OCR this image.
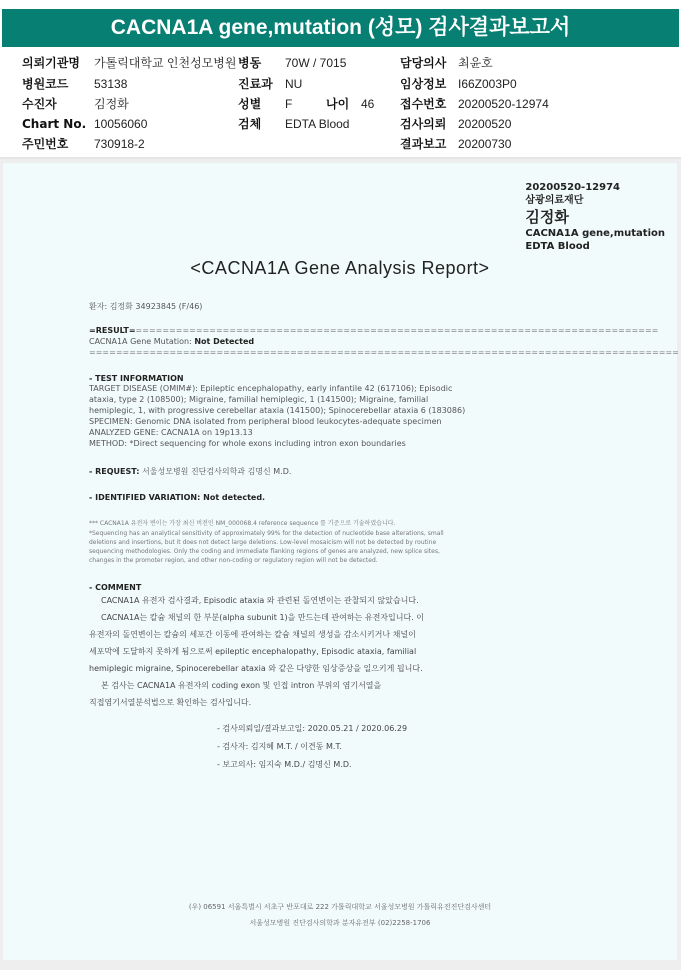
CACNA1A gene,mutation (성모) 검사결과보고서
의뢰기관명 가톨릭대학교 인천성모병원 병동 70W / 7015	담당의사 최윤호
병원코드 53138	진료과 NU	임상정보 I66Z003P0
수진자	김정화	성별 F	나이 46 접수번호 20200520-12974
Chart No. 10056060	검체 EDTA Blood	검사의뢰 20200520
주민번호 730918-2	결과보고 20200730
20200520-12974
삼광의료재단
김정화
CACNA1A gene,mutation
EDTA Blood
<CACNA1A Gene Analysis Report>
환자: 김정화 34923845 (F/46)
=RESULT===============================================================================
CACNA1A Gene Mutation: Not Detected
========================================================================================
- TEST INFORMATION
TARGET DISEASE (OMIM#): Epileptic encephalopathy, early infantile 42 (617106); Episodic
ataxia, type 2 (108500); Migraine, familial hemiplegic, 1 (141500); Migraine, familial
hemiplegic, 1, with progressive cerebellar ataxia (141500); Spinocerebellar ataxia 6 (183086)
SPECIMEN: Genomic DNA isolated from peripheral blood leukocytes-adequate specimen
ANALYZED GENE: CACNA1A on 19p13.13
METHOD: *Direct sequencing for whole exons including intron exon boundaries
- REQUEST: 서울성모병원 진단검사의학과 김명신 M.D.
- IDENTIFIED VARIATION: Not detected.
*** CACNA1A 유전자 변이는 가장 최신 버전인 NM_000068.4 reference sequence 를 기준으로 기술하였습니다.
*Sequencing has an analytical sensitivity of approximately 99% for the detection of nucleotide base alterations, small
deletions and insertions, but it does not detect large deletions. Low-level mosaicism will not be detected by routine
sequencing methodologies. Only the coding and immediate flanking regions of genes are analyzed, new splice sites,
changes in the promoter region, and other non-coding or regulatory region will not be detected.
- COMMENT
CACNA1A 유전자 검사결과, Episodic ataxia 와 관련된 돌연변이는 관찰되지 않았습니다.
CACNA1A는 칼슘 채널의 한 부분(alpha subunit 1)을 만드는데 관여하는 유전자입니다. 이
유전자의 돌연변이는 칼슘의 세포간 이동에 관여하는 칼슘 채널의 생성을 감소시키거나 채널이
세포막에 도달하지 못하게 됨으로써 epileptic encephalopathy, Episodic ataxia, familial
hemiplegic migraine, Spinocerebellar ataxia 와 같은 다양한 임상증상을 일으키게 됩니다.
본 검사는 CACNA1A 유전자의 coding exon 및 인접 intron 부위의 염기서열을
직접염기서열분석법으로 확인하는 검사입니다.
- 검사의뢰일/결과보고일: 2020.05.21 / 2020.06.29
- 검사자: 김지혜 M.T. / 이견동 M.T.
- 보고의사: 임지숙 M.D./ 김명신 M.D.
(우) 06591 서울특별시 서초구 반포대로 222 가톨릭대학교 서울성모병원 가톨릭유전진단검사센터
서울성모병원 진단검사의학과 분자유전부 (02)2258-1706
